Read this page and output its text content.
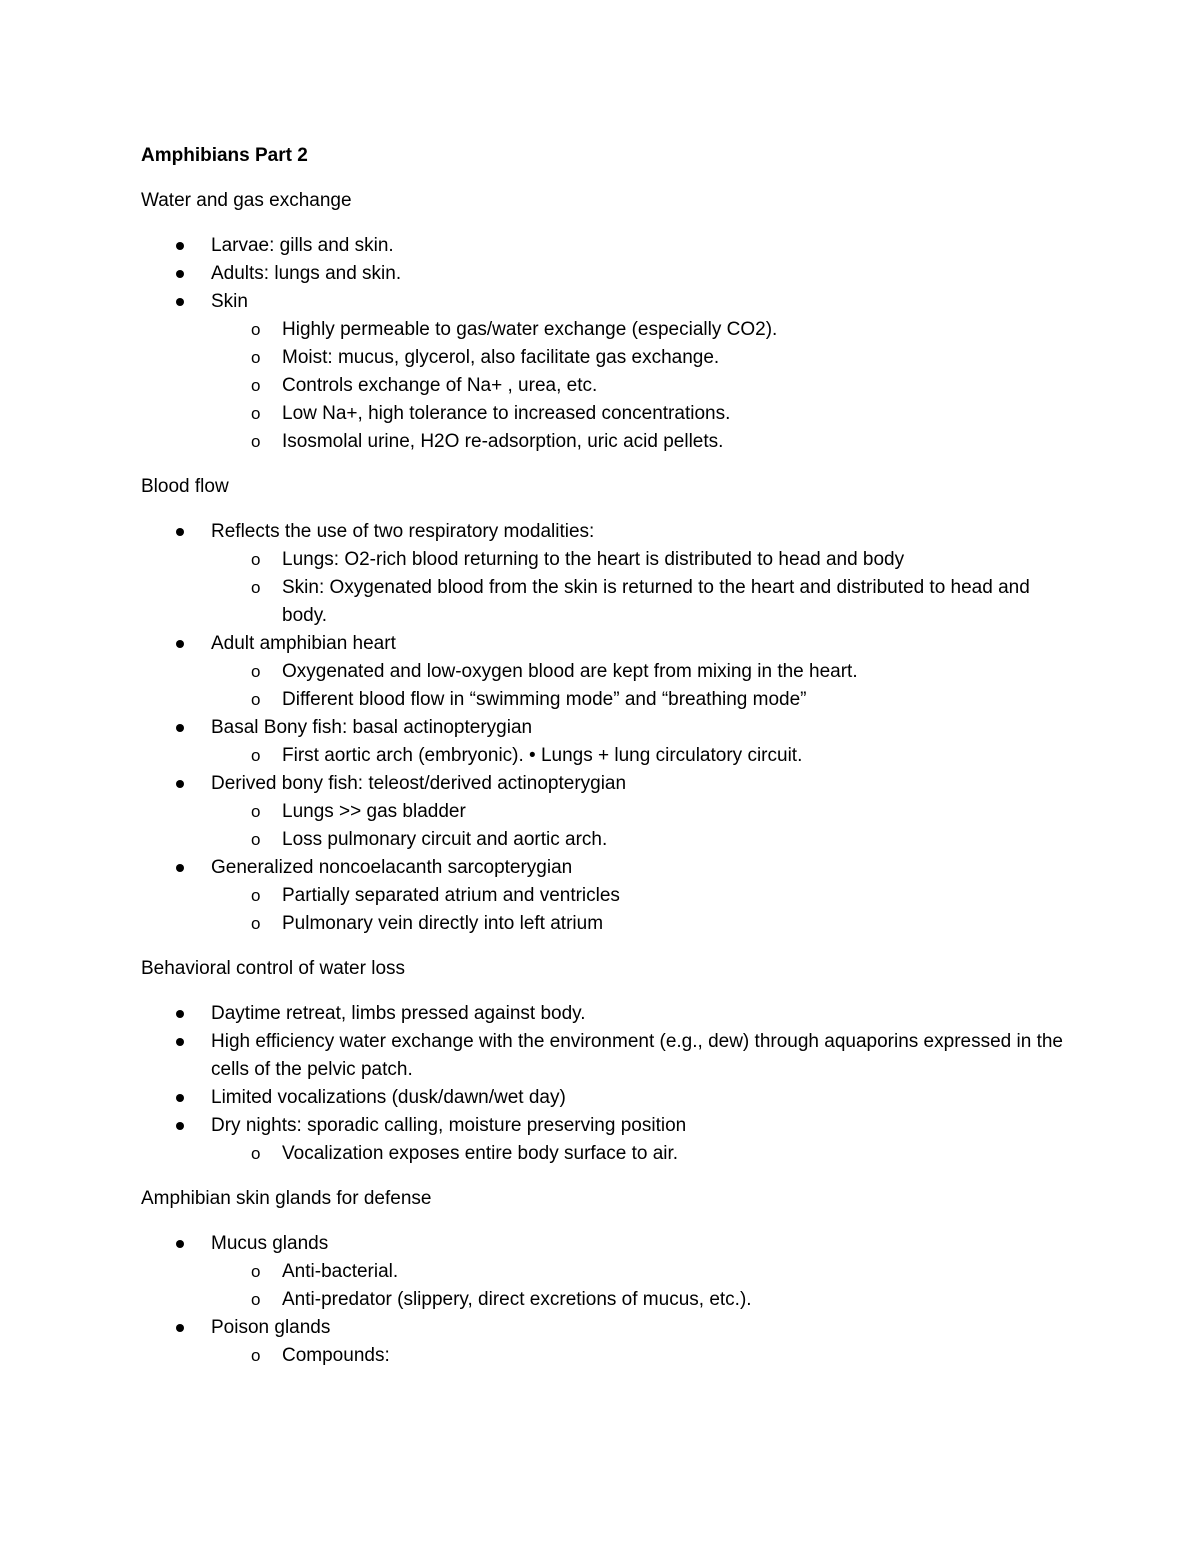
Amphibians Part 2
Water and gas exchange
Larvae: gills and skin.
Adults: lungs and skin.
Skin
o Highly permeable to gas/water exchange (especially CO2).
o Moist: mucus, glycerol, also facilitate gas exchange.
o Controls exchange of Na+ , urea, etc.
o Low Na+, high tolerance to increased concentrations.
o Isosmolal urine, H2O re-adsorption, uric acid pellets.
Blood flow
Reflects the use of two respiratory modalities:
o Lungs: O2-rich blood returning to the heart is distributed to head and body
o Skin: Oxygenated blood from the skin is returned to the heart and distributed to head and body.
Adult amphibian heart
o Oxygenated and low-oxygen blood are kept from mixing in the heart.
o Different blood flow in “swimming mode” and “breathing mode”
Basal Bony fish: basal actinopterygian
o First aortic arch (embryonic). • Lungs + lung circulatory circuit.
Derived bony fish: teleost/derived actinopterygian
o Lungs >> gas bladder
o Loss pulmonary circuit and aortic arch.
Generalized noncoelacanth sarcopterygian
o Partially separated atrium and ventricles
o Pulmonary vein directly into left atrium
Behavioral control of water loss
Daytime retreat, limbs pressed against body.
High efficiency water exchange with the environment (e.g., dew) through aquaporins expressed in the cells of the pelvic patch.
Limited vocalizations (dusk/dawn/wet day)
Dry nights: sporadic calling, moisture preserving position
o Vocalization exposes entire body surface to air.
Amphibian skin glands for defense
Mucus glands
o Anti-bacterial.
o Anti-predator (slippery, direct excretions of mucus, etc.).
Poison glands
o Compounds:
